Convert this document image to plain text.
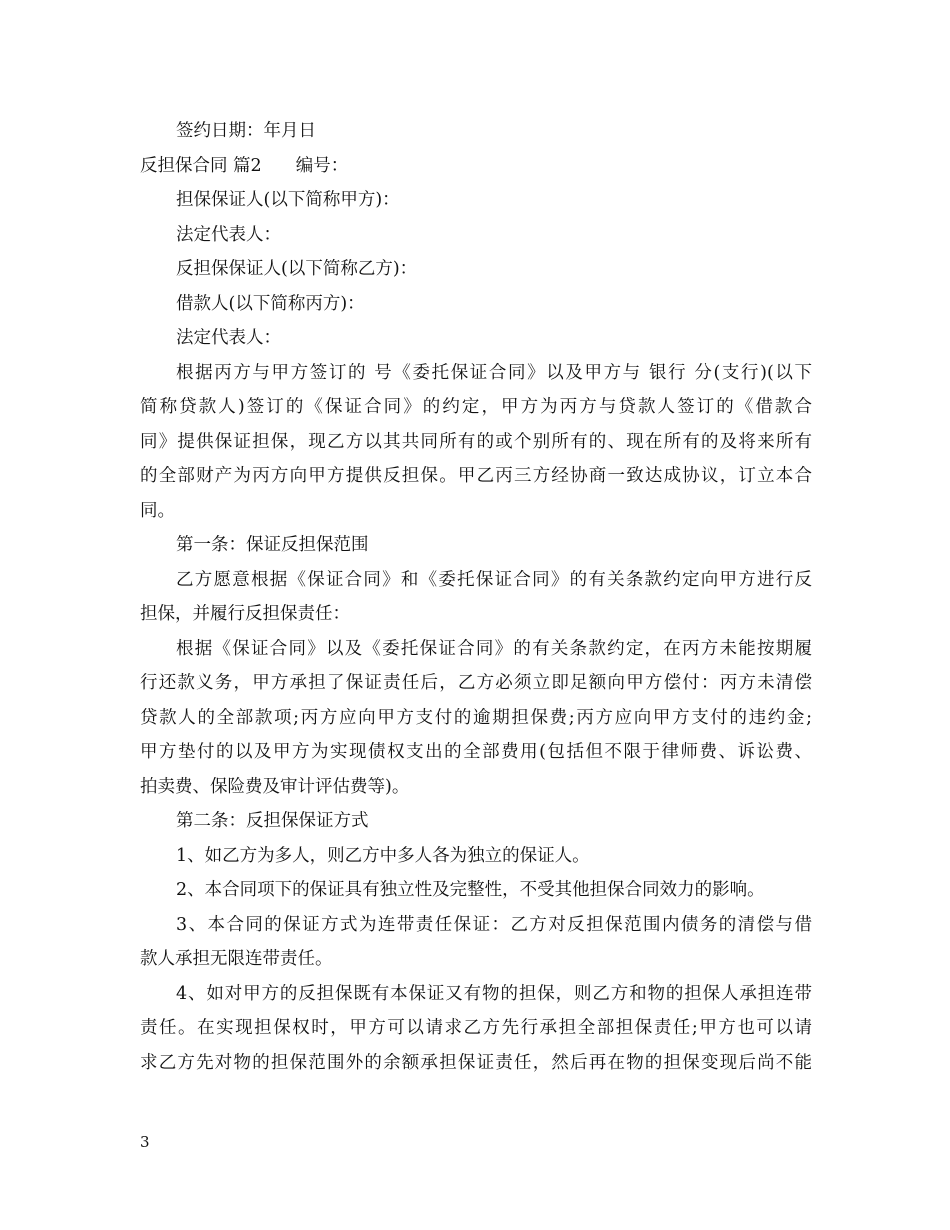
签约日期：年月日
反担保合同 篇2 编号：
担保保证人(以下简称甲方)：
法定代表人：
反担保保证人(以下简称乙方)：
借款人(以下简称丙方)：
法定代表人：
根据丙方与甲方签订的 号《委托保证合同》以及甲方与 银行 分(支行)(以下
简称贷款人)签订的《保证合同》的约定，甲方为丙方与贷款人签订的《借款合
同》提供保证担保，现乙方以其共同所有的或个别所有的、现在所有的及将来所有
的全部财产为丙方向甲方提供反担保。甲乙丙三方经协商一致达成协议，订立本合
同。
第一条：保证反担保范围
乙方愿意根据《保证合同》和《委托保证合同》的有关条款约定向甲方进行反
担保，并履行反担保责任：
根据《保证合同》以及《委托保证合同》的有关条款约定，在丙方未能按期履
行还款义务，甲方承担了保证责任后，乙方必须立即足额向甲方偿付：丙方未清偿
贷款人的全部款项;丙方应向甲方支付的逾期担保费;丙方应向甲方支付的违约金;
甲方垫付的以及甲方为实现债权支出的全部费用(包括但不限于律师费、诉讼费、
拍卖费、保险费及审计评估费等)。
第二条：反担保保证方式
1、如乙方为多人，则乙方中多人各为独立的保证人。
2、本合同项下的保证具有独立性及完整性，不受其他担保合同效力的影响。
3、本合同的保证方式为连带责任保证：乙方对反担保范围内债务的清偿与借
款人承担无限连带责任。
4、如对甲方的反担保既有本保证又有物的担保，则乙方和物的担保人承担连带
责任。在实现担保权时，甲方可以请求乙方先行承担全部担保责任;甲方也可以请
求乙方先对物的担保范围外的余额承担保证责任，然后再在物的担保变现后尚不能
3
